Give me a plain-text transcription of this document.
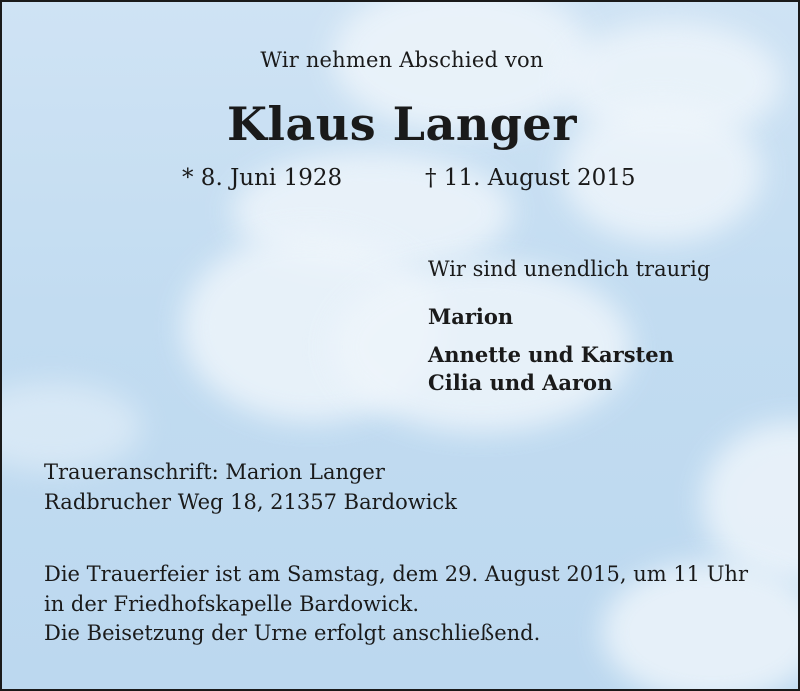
Wir nehmen Abschied von

Klaus Langer

* 8. Juni 1928	† 11. August 2015

Wir sind unendlich traurig

Marion

Annette und Karsten

Cilia und Aaron

Traueranschrift: Marion Langer

Radbrucher Weg 18, 21357 Bardowick

Die Trauerfeier ist am Samstag, dem 29. August 2015, um 11 Uhr

in der Friedhofskapelle Bardowick.

Die Beisetzung der Urne erfolgt anschließend.
